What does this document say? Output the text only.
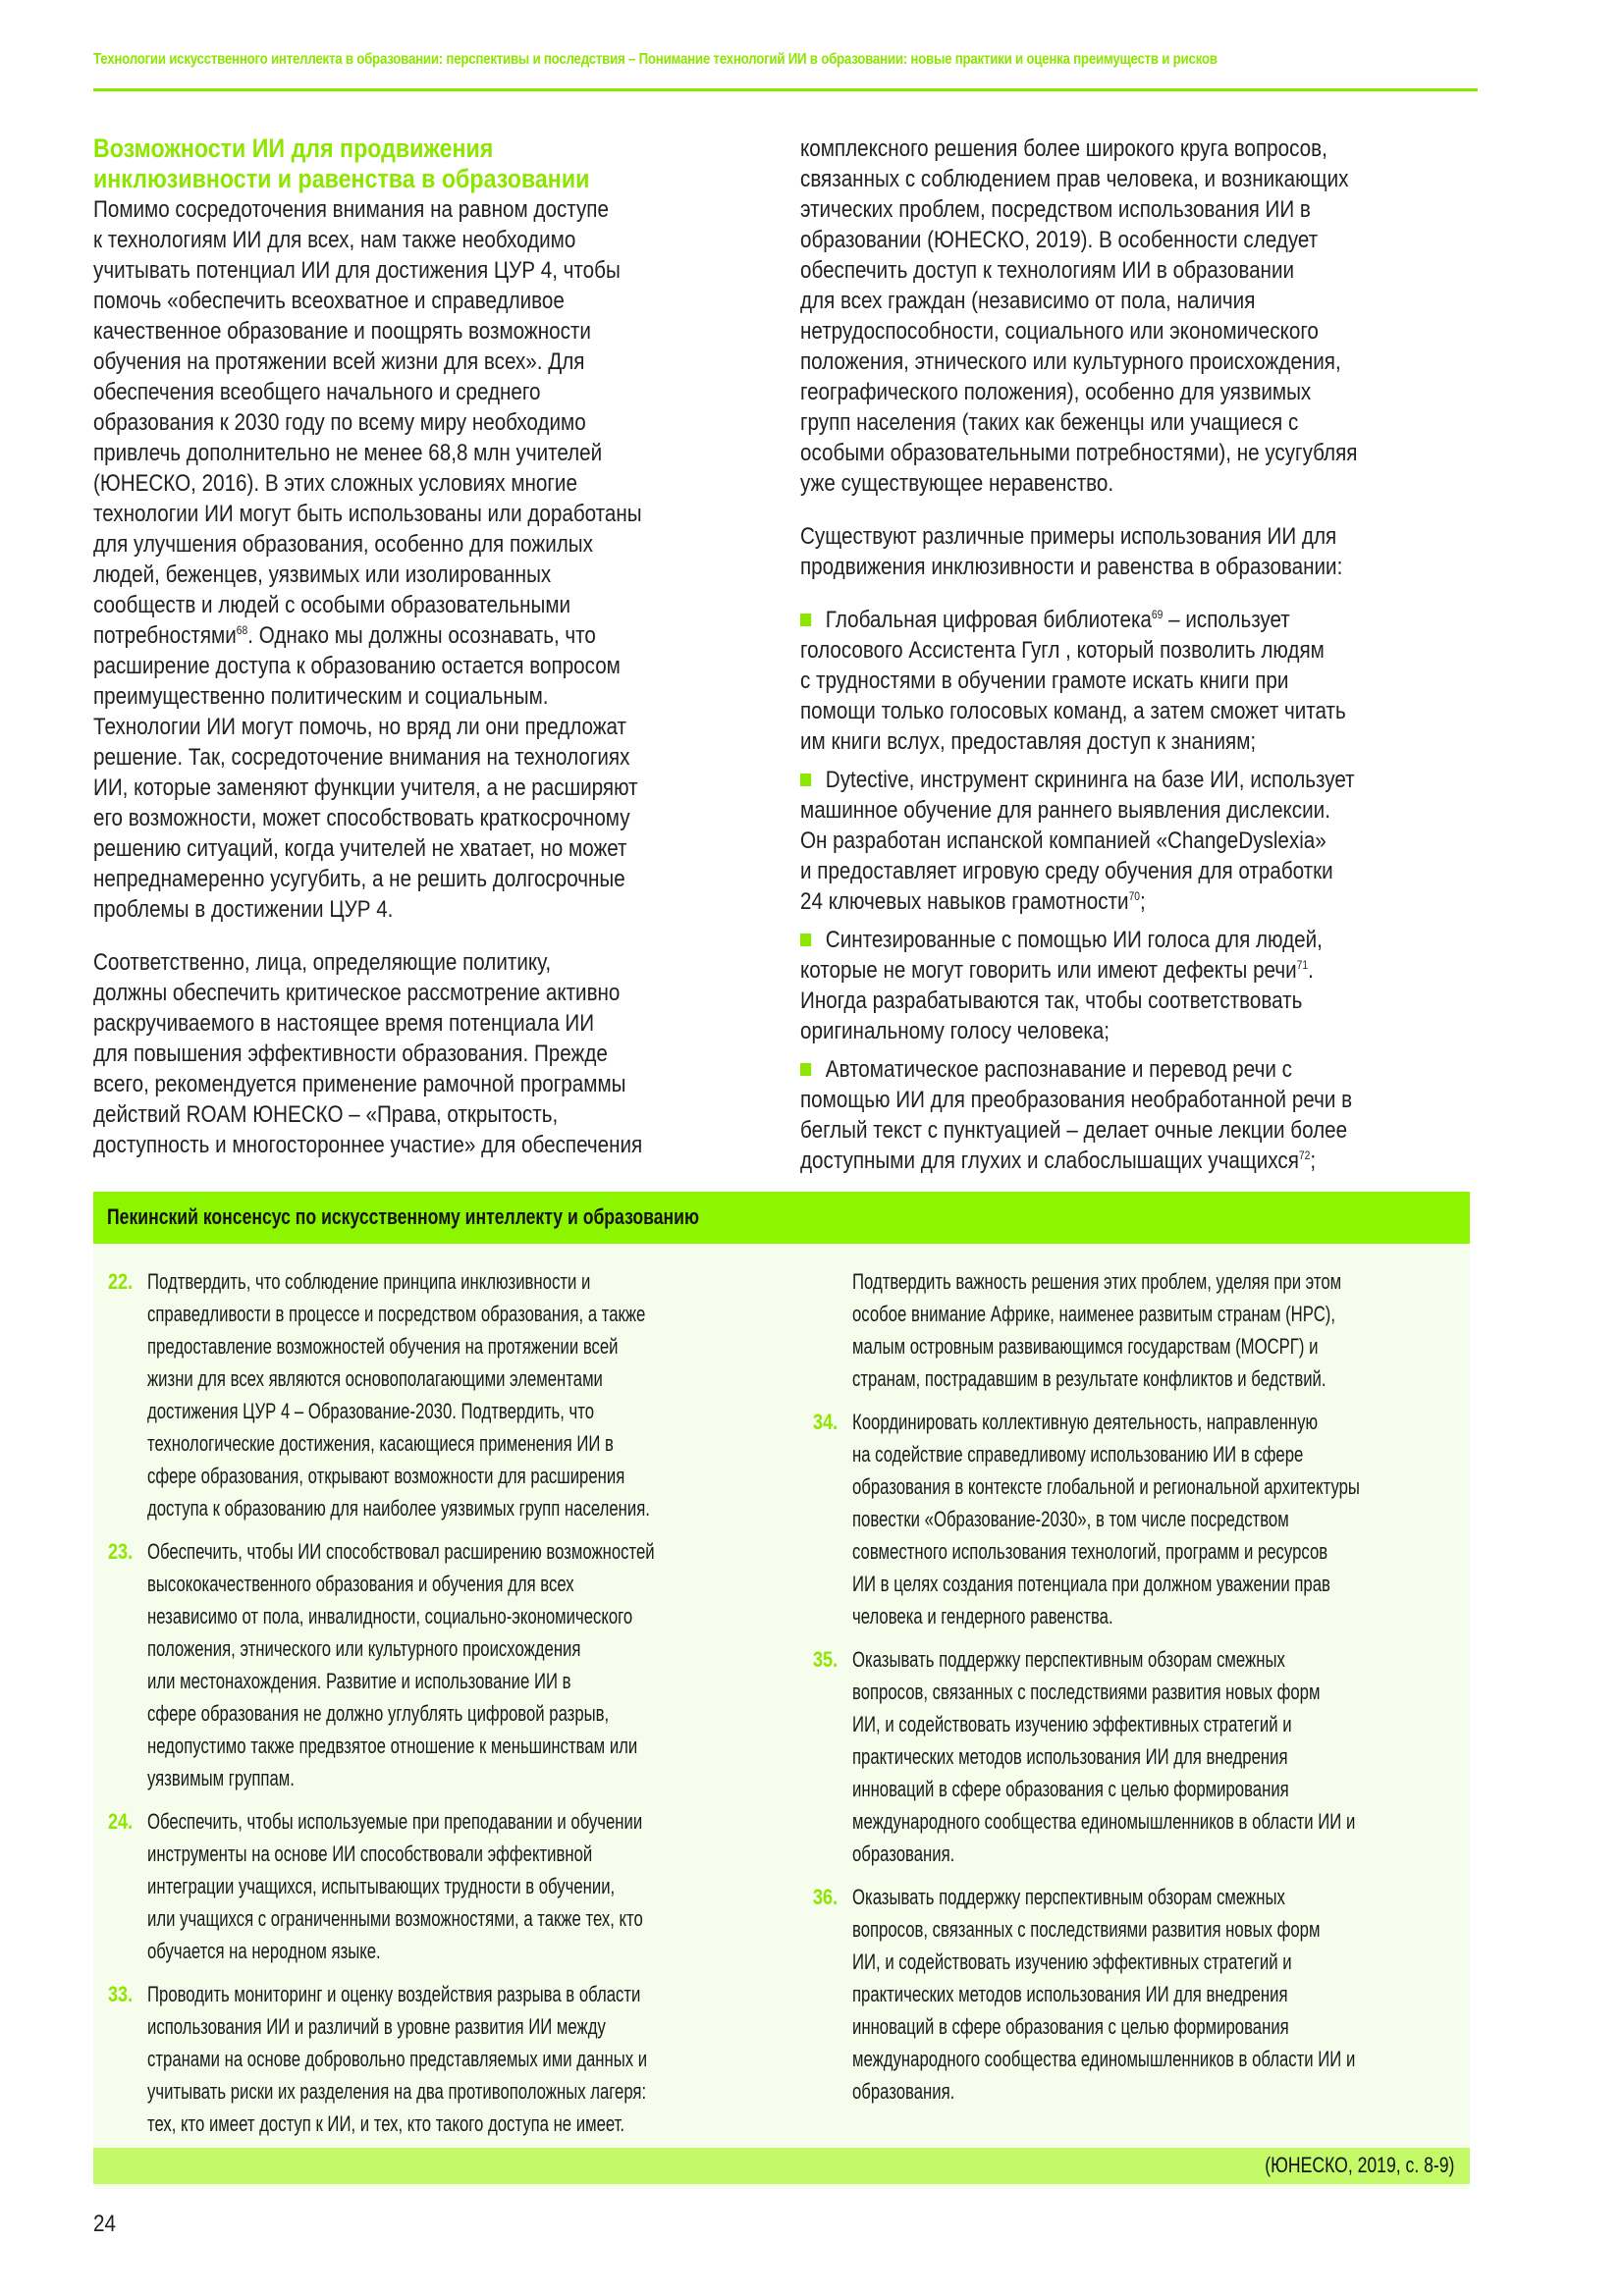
Технологии искусственного интеллекта в образовании: перспективы и последствия – Понимание технологий ИИ в образовании: новые практики и оценка преимуществ и рисков
Возможности ИИ для продвижения
инклюзивности и равенства в образовании
Помимо сосредоточения внимания на равном доступе
к технологиям ИИ для всех, нам также необходимо
учитывать потенциал ИИ для достижения ЦУР 4, чтобы
помочь «обеспечить всеохватное и справедливое
качественное образование и поощрять возможности
обучения на протяжении всей жизни для всех». Для
обеспечения всеобщего начального и среднего
образования к 2030 году по всему миру необходимо
привлечь дополнительно не менее 68,8 млн учителей
(ЮНЕСКО, 2016). В этих сложных условиях многие
технологии ИИ могут быть использованы или доработаны
для улучшения образования, особенно для пожилых
людей, беженцев, уязвимых или изолированных
сообществ и людей с особыми образовательными
потребностями$^{68}$. Однако мы должны осознавать, что
расширение доступа к образованию остается вопросом
преимущественно политическим и социальным.
Технологии ИИ могут помочь, но вряд ли они предложат
решение. Так, сосредоточение внимания на технологиях
ИИ, которые заменяют функции учителя, а не расширяют
его возможности, может способствовать краткосрочному
решению ситуаций, когда учителей не хватает, но может
непреднамеренно усугубить, а не решить долгосрочные
проблемы в достижении ЦУР 4.
Соответственно, лица, определяющие политику,
должны обеспечить критическое рассмотрение активно
раскручиваемого в настоящее время потенциала ИИ
для повышения эффективности образования. Прежде
всего, рекомендуется применение рамочной программы
действий ROAM ЮНЕСКО – «Права, открытость,
доступность и многостороннее участие» для обеспечения
комплексного решения более широкого круга вопросов,
связанных с соблюдением прав человека, и возникающих
этических проблем, посредством использования ИИ в
образовании (ЮНЕСКО, 2019). В особенности следует
обеспечить доступ к технологиям ИИ в образовании
для всех граждан (независимо от пола, наличия
нетрудоспособности, социального или экономического
положения, этнического или культурного происхождения,
географического положения), особенно для уязвимых
групп населения (таких как беженцы или учащиеся с
особыми образовательными потребностями), не усугубляя
уже существующее неравенство.
Существуют различные примеры использования ИИ для
продвижения инклюзивности и равенства в образовании:
Глобальная цифровая библиотека$^{69}$ – использует
голосового Ассистента Гугл , который позволить людям
с трудностями в обучении грамоте искать книги при
помощи только голосовых команд, а затем сможет читать
им книги вслух, предоставляя доступ к знаниям;
Dytective, инструмент скрининга на базе ИИ, использует
машинное обучение для раннего выявления дислексии.
Он разработан испанской компанией «ChangeDyslexia»
и предоставляет игровую среду обучения для отработки
24 ключевых навыков грамотности$^{70}$;
Синтезированные с помощью ИИ голоса для людей,
которые не могут говорить или имеют дефекты речи$^{71}$.
Иногда разрабатываются так, чтобы соответствовать
оригинальному голосу человека;
Автоматическое распознавание и перевод речи с
помощью ИИ для преобразования необработанной речи в
беглый текст с пунктуацией – делает очные лекции более
доступными для глухих и слабослышащих учащихся$^{72}$;
Пекинский консенсус по искусственному интеллекту и образованию
22. Подтвердить, что соблюдение принципа инклюзивности и
справедливости в процессе и посредством образования, а также
предоставление возможностей обучения на протяжении всей
жизни для всех являются основополагающими элементами
достижения ЦУР 4 – Образование-2030. Подтвердить, что
технологические достижения, касающиеся применения ИИ в
сфере образования, открывают возможности для расширения
доступа к образованию для наиболее уязвимых групп населения.
23. Обеспечить, чтобы ИИ способствовал расширению возможностей
высококачественного образования и обучения для всех
независимо от пола, инвалидности, социально-экономического
положения, этнического или культурного происхождения
или местонахождения. Развитие и использование ИИ в
сфере образования не должно углублять цифровой разрыв,
недопустимо также предвзятое отношение к меньшинствам или
уязвимым группам.
24. Обеспечить, чтобы используемые при преподавании и обучении
инструменты на основе ИИ способствовали эффективной
интеграции учащихся, испытывающих трудности в обучении,
или учащихся с ограниченными возможностями, а также тех, кто
обучается на неродном языке.
33. Проводить мониторинг и оценку воздействия разрыва в области
использования ИИ и различий в уровне развития ИИ между
странами на основе добровольно представляемых ими данных и
учитывать риски их разделения на два противоположных лагеря:
тех, кто имеет доступ к ИИ, и тех, кто такого доступа не имеет.
Подтвердить важность решения этих проблем, уделяя при этом
особое внимание Африке, наименее развитым странам (НРС),
малым островным развивающимся государствам (МОСРГ) и
странам, пострадавшим в результате конфликтов и бедствий.
34. Координировать коллективную деятельность, направленную
на содействие справедливому использованию ИИ в сфере
образования в контексте глобальной и региональной архитектуры
повестки «Образование-2030», в том числе посредством
совместного использования технологий, программ и ресурсов
ИИ в целях создания потенциала при должном уважении прав
человека и гендерного равенства.
35. Оказывать поддержку перспективным обзорам смежных
вопросов, связанных с последствиями развития новых форм
ИИ, и содействовать изучению эффективных стратегий и
практических методов использования ИИ для внедрения
инноваций в сфере образования с целью формирования
международного сообщества единомышленников в области ИИ и
образования.
36. Оказывать поддержку перспективным обзорам смежных
вопросов, связанных с последствиями развития новых форм
ИИ, и содействовать изучению эффективных стратегий и
практических методов использования ИИ для внедрения
инноваций в сфере образования с целью формирования
международного сообщества единомышленников в области ИИ и
образования.
(ЮНЕСКО, 2019, с. 8-9)
24
